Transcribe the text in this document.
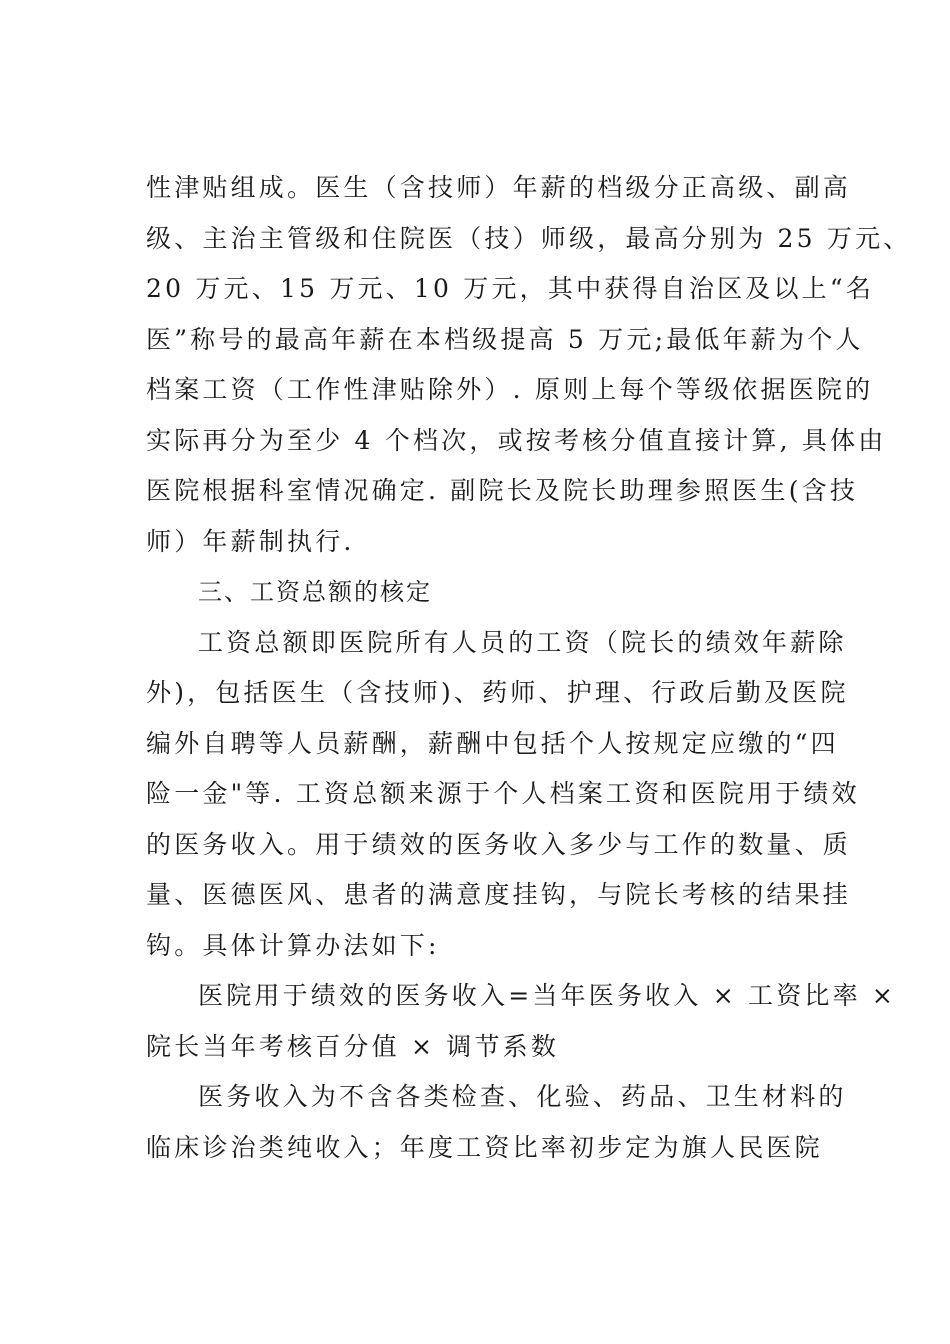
性津贴组成。医生（含技师）年薪的档级分正高级、副高
级、主治主管级和住院医（技）师级，最高分别为 25 万元、
20 万元、15 万元、10 万元，其中获得自治区及以上“名
医”称号的最高年薪在本档级提高 5 万元;最低年薪为个人
档案工资（工作性津贴除外）. 原则上每个等级依据医院的
实际再分为至少 4 个档次，或按考核分值直接计算, 具体由
医院根据科室情况确定. 副院长及院长助理参照医生(含技
师）年薪制执行.
三、工资总额的核定
工资总额即医院所有人员的工资（院长的绩效年薪除
外)，包括医生（含技师)、药师、护理、行政后勤及医院
编外自聘等人员薪酬，薪酬中包括个人按规定应缴的“四
险一金"等. 工资总额来源于个人档案工资和医院用于绩效
的医务收入。用于绩效的医务收入多少与工作的数量、质
量、医德医风、患者的满意度挂钩，与院长考核的结果挂
钩。具体计算办法如下:
医院用于绩效的医务收入=当年医务收入 × 工资比率 ×
院长当年考核百分值 × 调节系数
医务收入为不含各类检查、化验、药品、卫生材料的
临床诊治类纯收入；年度工资比率初步定为旗人民医院
